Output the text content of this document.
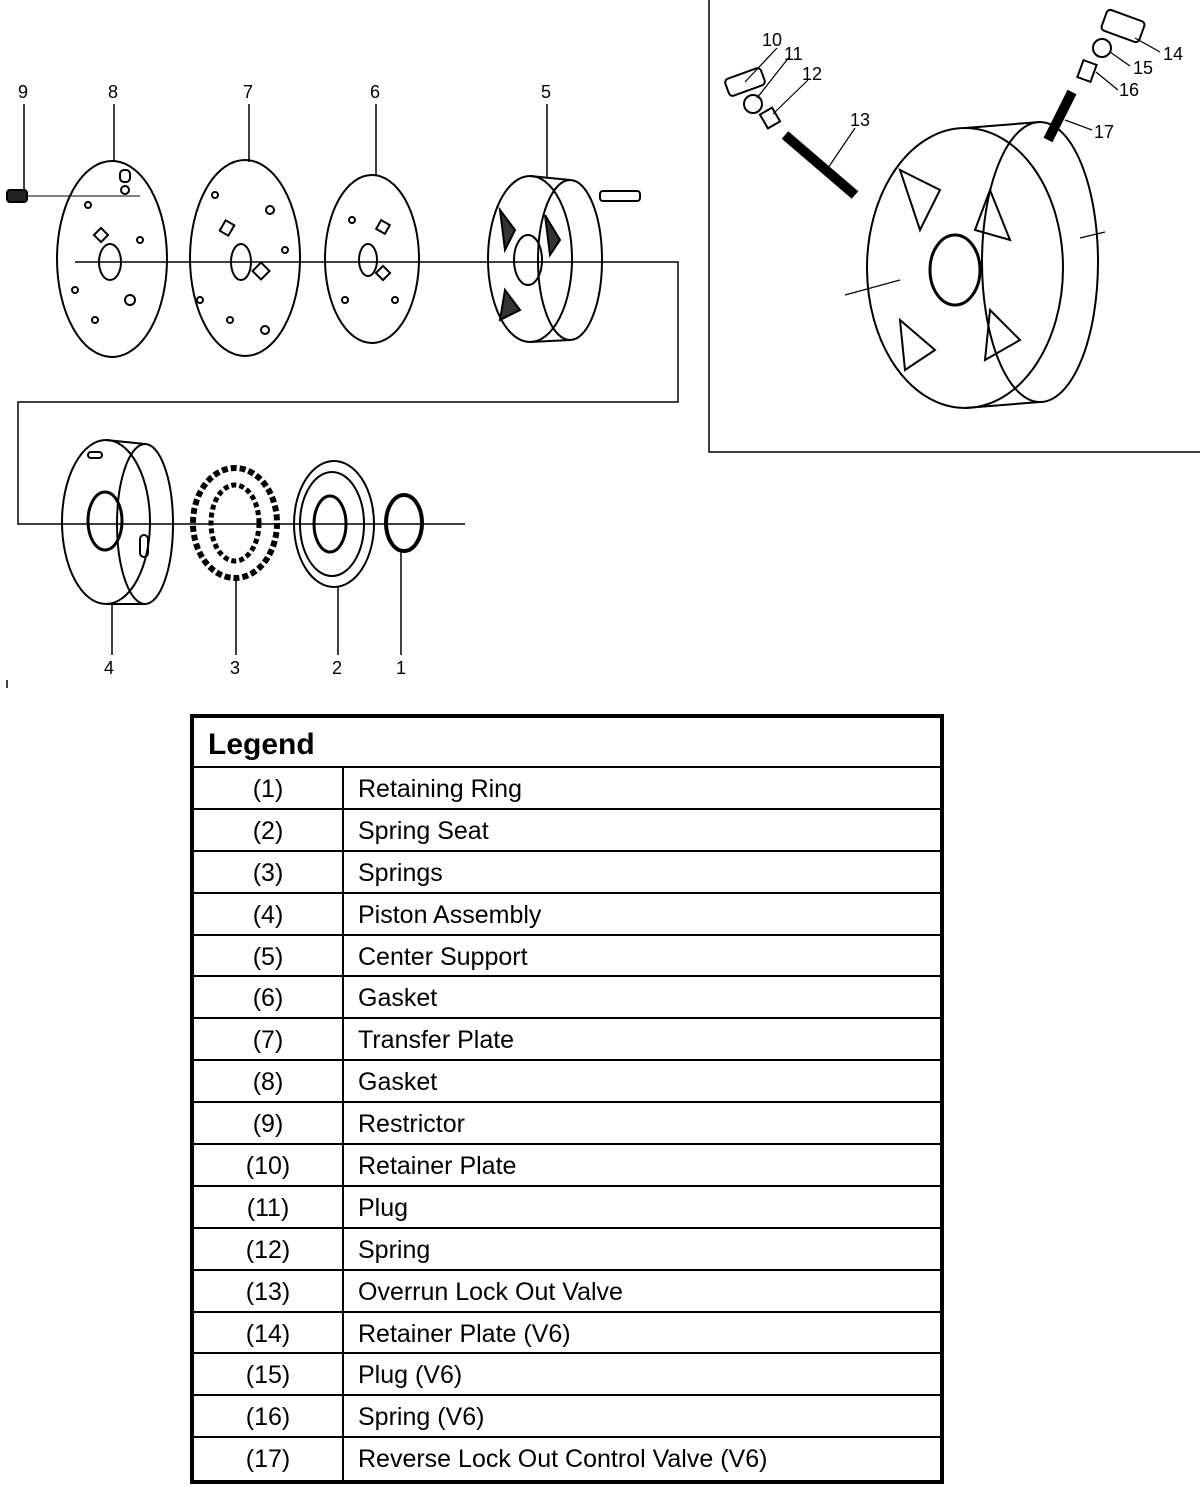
1
2
3
4
5
6
7
8
9
10
11
12
13
14
15
16
17
Legend
(1)	Retaining Ring
(2)	Spring Seat
(3)	Springs
(4)	Piston Assembly
(5)	Center Support
(6)	Gasket
(7)	Transfer Plate
(8)	Gasket
(9)	Restrictor
(10)	Retainer Plate
(11)	Plug
(12)	Spring
(13)	Overrun Lock Out Valve
(14)	Retainer Plate (V6)
(15)	Plug (V6)
(16)	Spring (V6)
(17)	Reverse Lock Out Control Valve (V6)
